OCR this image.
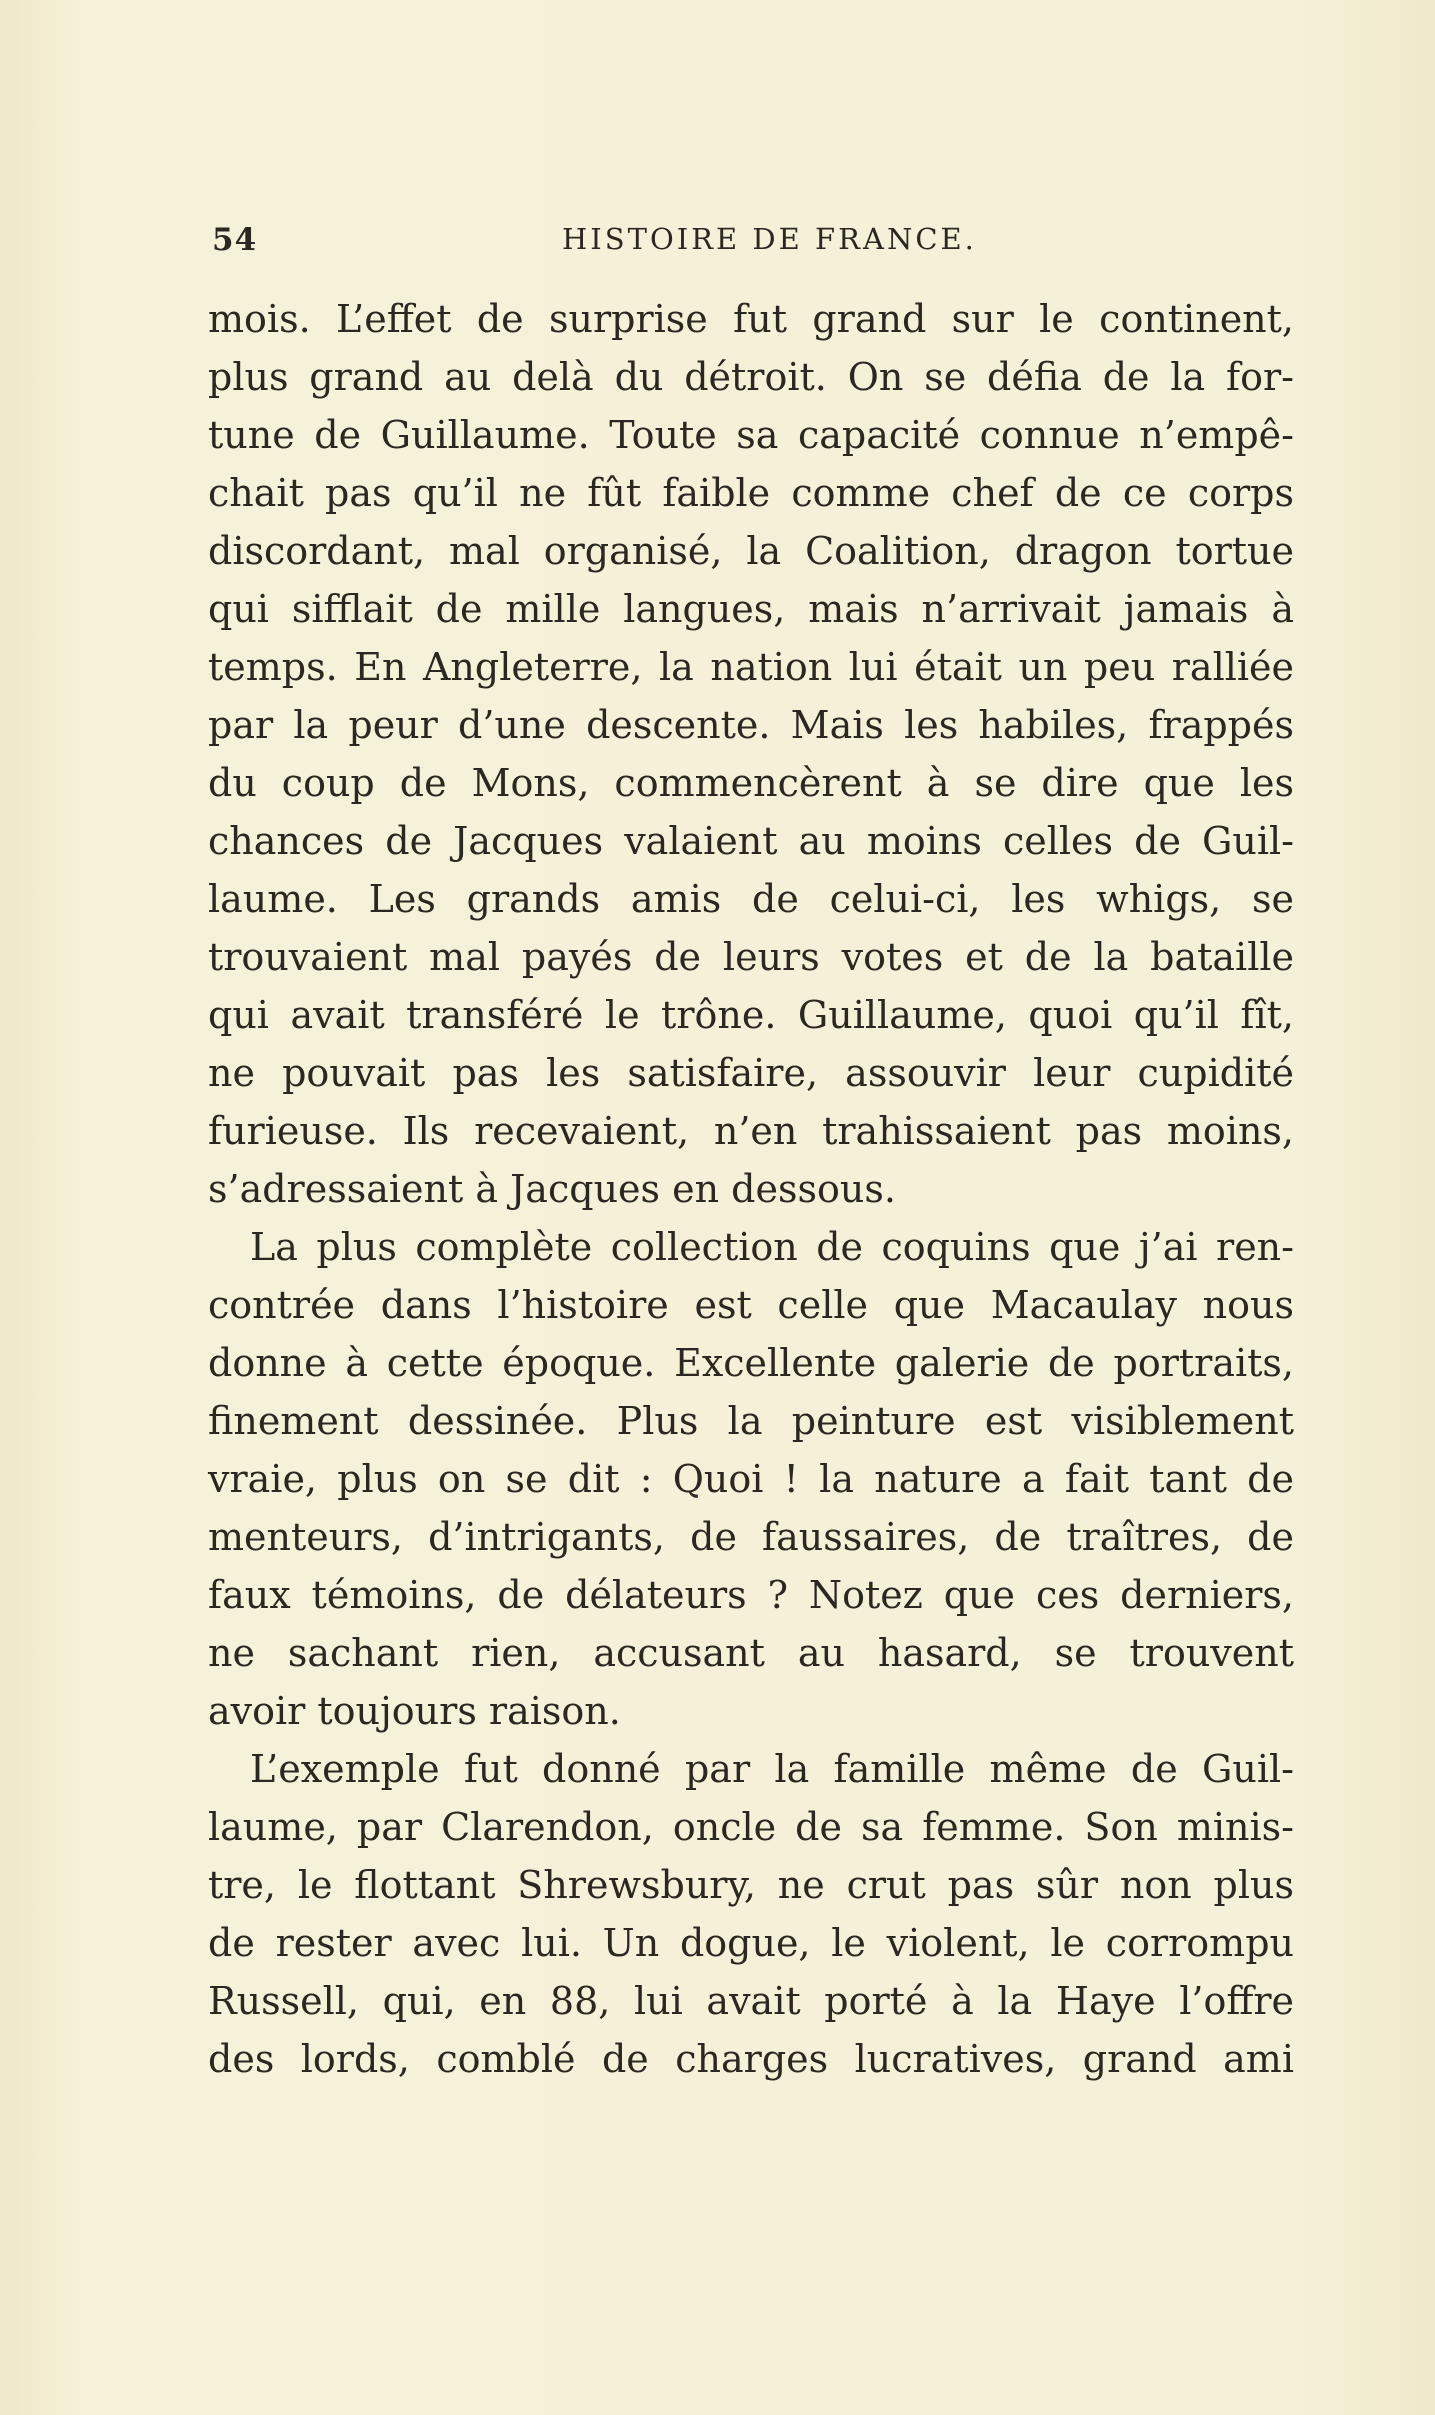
54	HISTOIRE DE FRANCE.
mois. L’effet de surprise fut grand sur le continent,
plus grand au delà du détroit. On se défia de la for-
tune de Guillaume. Toute sa capacité connue n’empê-
chait pas qu’il ne fût faible comme chef de ce corps
discordant, mal organisé, la Coalition, dragon tortue
qui sifflait de mille langues, mais n’arrivait jamais à
temps. En Angleterre, la nation lui était un peu ralliée
par la peur d’une descente. Mais les habiles, frappés
du coup de Mons, commencèrent à se dire que les
chances de Jacques valaient au moins celles de Guil-
laume. Les grands amis de celui-ci, les whigs, se
trouvaient mal payés de leurs votes et de la bataille
qui avait transféré le trône. Guillaume, quoi qu’il fît,
ne pouvait pas les satisfaire, assouvir leur cupidité
furieuse. Ils recevaient, n’en trahissaient pas moins,
s’adressaient à Jacques en dessous.
La plus complète collection de coquins que j’ai ren-
contrée dans l’histoire est celle que Macaulay nous
donne à cette époque. Excellente galerie de portraits,
finement dessinée. Plus la peinture est visiblement
vraie, plus on se dit : Quoi ! la nature a fait tant de
menteurs, d’intrigants, de faussaires, de traîtres, de
faux témoins, de délateurs ? Notez que ces derniers,
ne sachant rien, accusant au hasard, se trouvent
avoir toujours raison.
L’exemple fut donné par la famille même de Guil-
laume, par Clarendon, oncle de sa femme. Son minis-
tre, le flottant Shrewsbury, ne crut pas sûr non plus
de rester avec lui. Un dogue, le violent, le corrompu
Russell, qui, en 88, lui avait porté à la Haye l’offre
des lords, comblé de charges lucratives, grand ami
